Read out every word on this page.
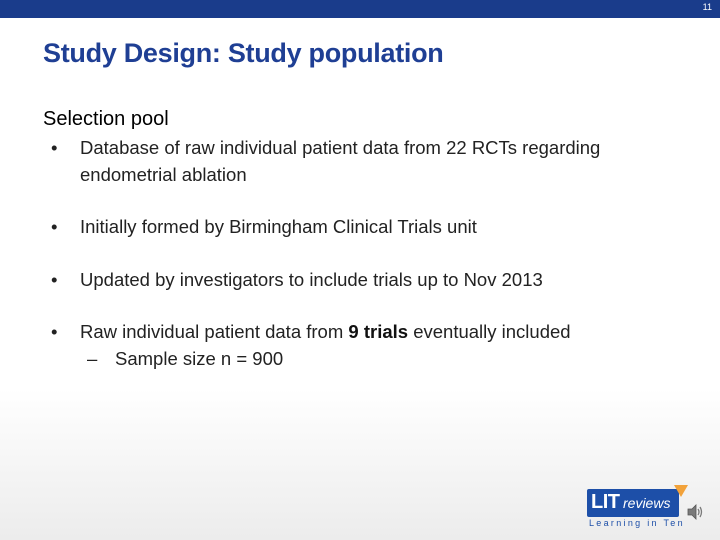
11
Study Design: Study population
Selection pool
•	Database of raw individual patient data from 22 RCTs regarding endometrial ablation
•	Initially formed by Birmingham Clinical Trials unit
•	Updated by investigators to include trials up to Nov 2013
•	Raw individual patient data from 9 trials eventually included
– Sample size n = 900
LIT reviews
Learning in Ten
